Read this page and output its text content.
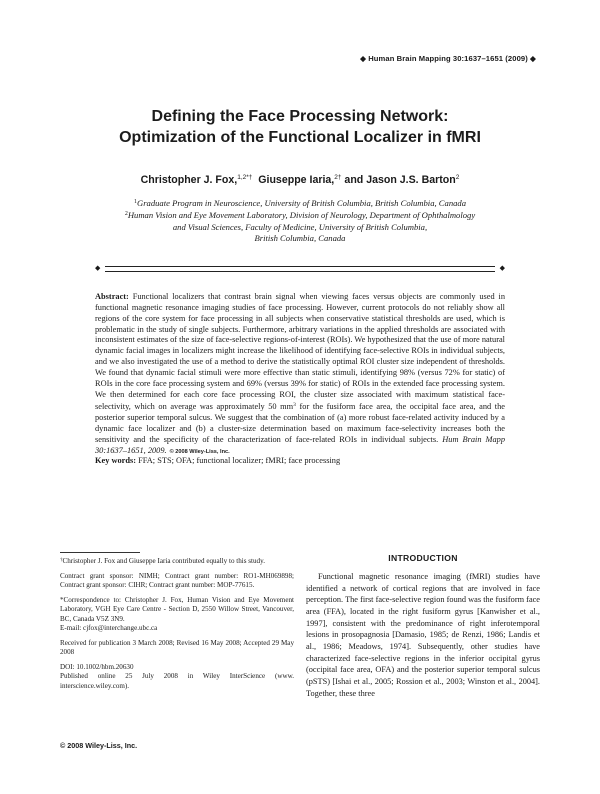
◆ Human Brain Mapping 30:1637–1651 (2009) ◆
Defining the Face Processing Network:
Optimization of the Functional Localizer in fMRI
Christopher J. Fox,$^{1,2*\dagger}$ Giuseppe Iaria,$^{2\dagger}$ and Jason J.S. Barton$^2$
$^1$Graduate Program in Neuroscience, University of British Columbia, British Columbia, Canada
$^2$Human Vision and Eye Movement Laboratory, Division of Neurology, Department of Ophthalmology
and Visual Sciences, Faculty of Medicine, University of British Columbia,
British Columbia, Canada
◆	◆
Abstract: Functional localizers that contrast brain signal when viewing faces versus objects are commonly used in functional magnetic resonance imaging studies of face processing. However, current protocols do not reliably show all regions of the core system for face processing in all subjects when conservative statistical thresholds are used, which is problematic in the study of single subjects. Furthermore, arbitrary variations in the applied thresholds are associated with inconsistent estimates of the size of face-selective regions-of-interest (ROIs). We hypothesized that the use of more natural dynamic facial images in localizers might increase the likelihood of identifying face-selective ROIs in individual subjects, and we also investigated the use of a method to derive the statistically optimal ROI cluster size independent of thresholds. We found that dynamic facial stimuli were more effective than static stimuli, identifying 98% (versus 72% for static) of ROIs in the core face processing system and 69% (versus 39% for static) of ROIs in the extended face processing system. We then determined for each core face processing ROI, the cluster size associated with maximum statistical face-selectivity, which on average was approximately 50 $mm^3$ for the fusiform face area, the occipital face area, and the posterior superior temporal sulcus. We suggest that the combination of (a) more robust face-related activity induced by a dynamic face localizer and (b) a cluster-size determination based on maximum face-selectivity increases both the sensitivity and the specificity of the characterization of face-related ROIs in individual subjects. Hum Brain Mapp 30:1637–1651, 2009. © 2008 Wiley-Liss, Inc.
Key words: FFA; STS; OFA; functional localizer; fMRI; face processing

†Christopher J. Fox and Giuseppe Iaria contributed equally to this study.

Contract grant sponsor: NIMH; Contract grant number: RO1-MH069898; Contract grant sponsor: CIHR; Contract grant number: MOP-77615.

*Correspondence to: Christopher J. Fox, Human Vision and Eye Movement Laboratory, VGH Eye Care Centre - Section D, 2550 Willow Street, Vancouver, BC, Canada V5Z 3N9.

E-mail: cjfox@interchange.ubc.ca

Received for publication 3 March 2008; Revised 16 May 2008; Accepted 29 May 2008

DOI: 10.1002/hbm.20630

Published online 25 July 2008 in Wiley InterScience (www. interscience.wiley.com).

INTRODUCTION

Functional magnetic resonance imaging (fMRI) studies have identified a network of cortical regions that are involved in face perception. The first face-selective region found was the fusiform face area (FFA), located in the right fusiform gyrus [Kanwisher et al., 1997], consistent with the predominance of right inferotemporal lesions in prosopagnosia [Damasio, 1985; de Renzi, 1986; Landis et al., 1986; Meadows, 1974]. Subsequently, other studies have characterized face-selective regions in the inferior occipital gyrus (occipital face area, OFA) and the posterior superior temporal sulcus (pSTS) [Ishai et al., 2005; Rossion et al., 2003; Winston et al., 2004]. Together, these three

© 2008 Wiley-Liss, Inc.
